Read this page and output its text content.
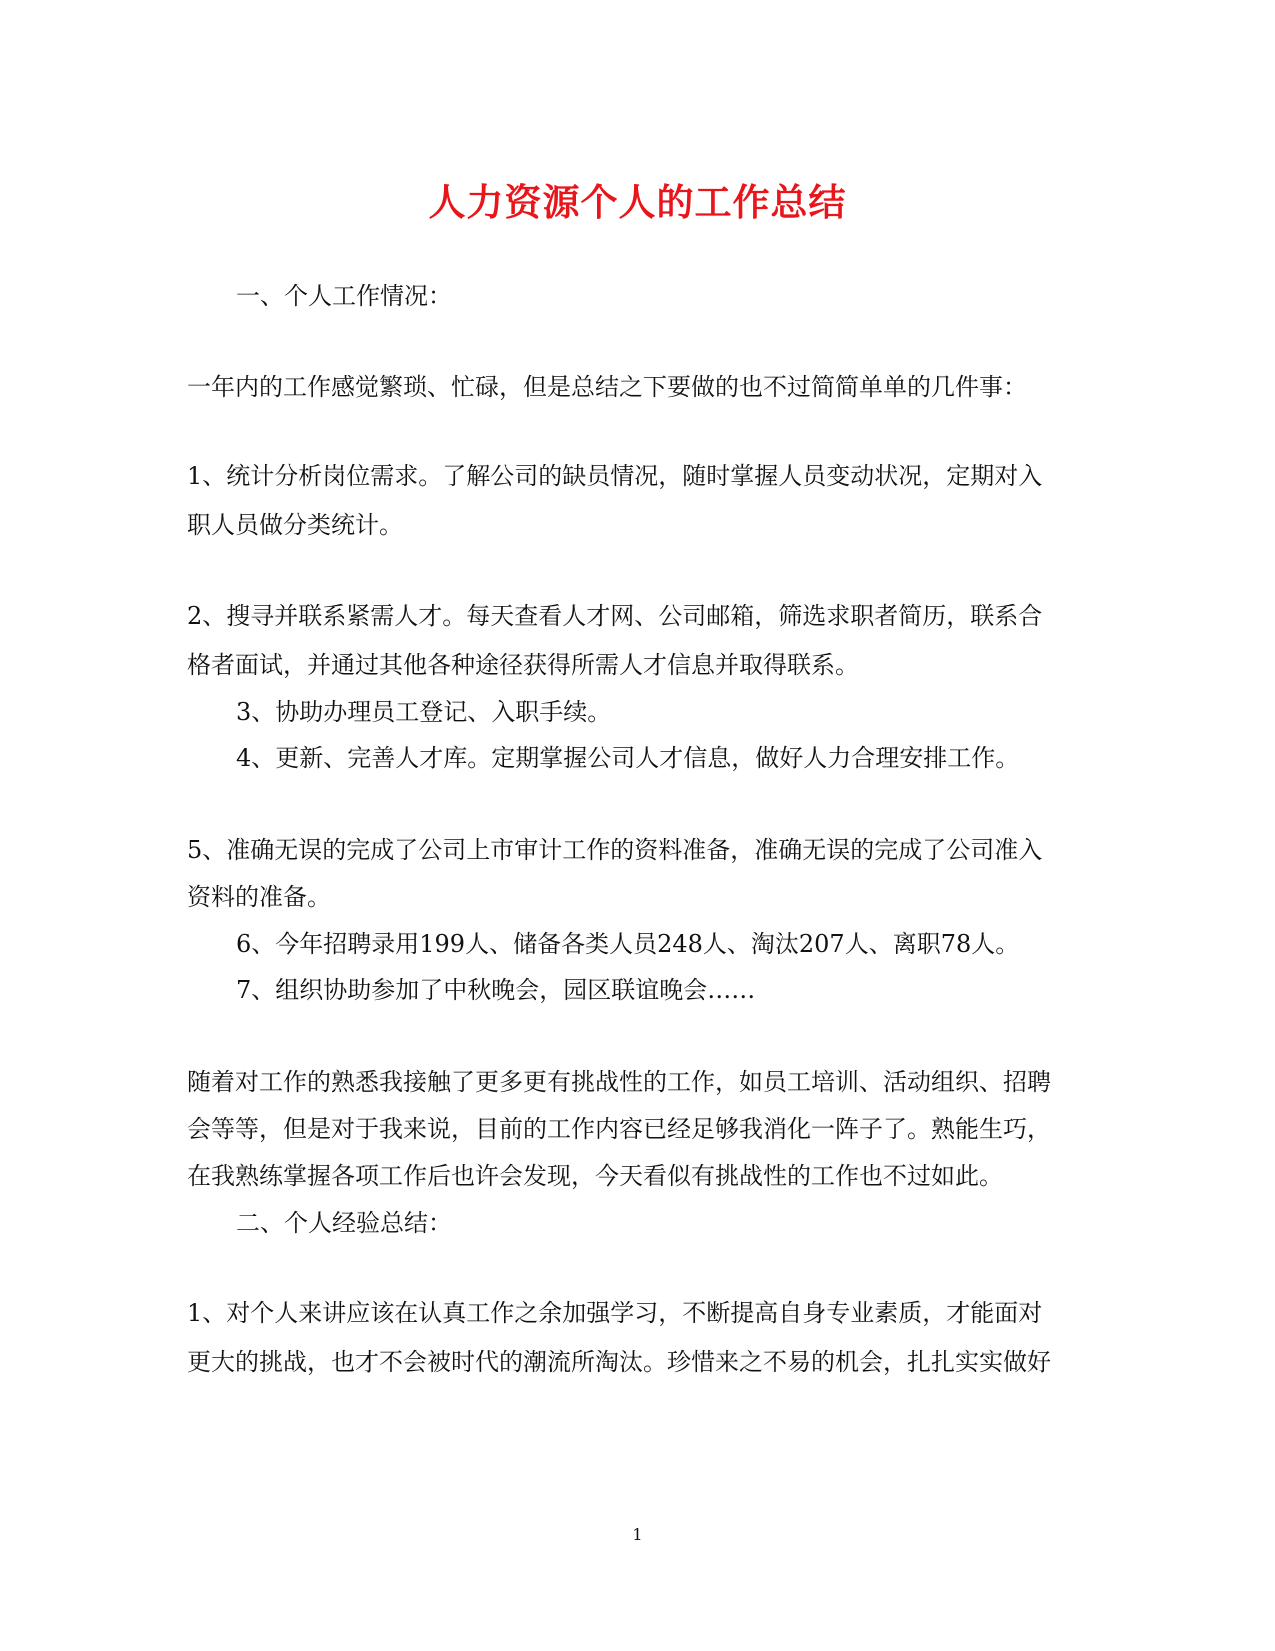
人力资源个人的工作总结

一、个人工作情况：

一年内的工作感觉繁琐、忙碌，但是总结之下要做的也不过简简单单的几件事：

1、统计分析岗位需求。了解公司的缺员情况，随时掌握人员变动状况，定期对入

职人员做分类统计。

2、搜寻并联系紧需人才。每天查看人才网、公司邮箱，筛选求职者简历，联系合

格者面试，并通过其他各种途径获得所需人才信息并取得联系。

3、协助办理员工登记、入职手续。

4、更新、完善人才库。定期掌握公司人才信息，做好人力合理安排工作。

5、准确无误的完成了公司上市审计工作的资料准备，准确无误的完成了公司准入

资料的准备。

6、今年招聘录用199人、储备各类人员248人、淘汰207人、离职78人。

7、组织协助参加了中秋晚会，园区联谊晚会……

随着对工作的熟悉我接触了更多更有挑战性的工作，如员工培训、活动组织、招聘

会等等，但是对于我来说，目前的工作内容已经足够我消化一阵子了。熟能生巧，

在我熟练掌握各项工作后也许会发现，今天看似有挑战性的工作也不过如此。

二、个人经验总结：

1、对个人来讲应该在认真工作之余加强学习，不断提高自身专业素质，才能面对

更大的挑战，也才不会被时代的潮流所淘汰。珍惜来之不易的机会，扎扎实实做好

1
